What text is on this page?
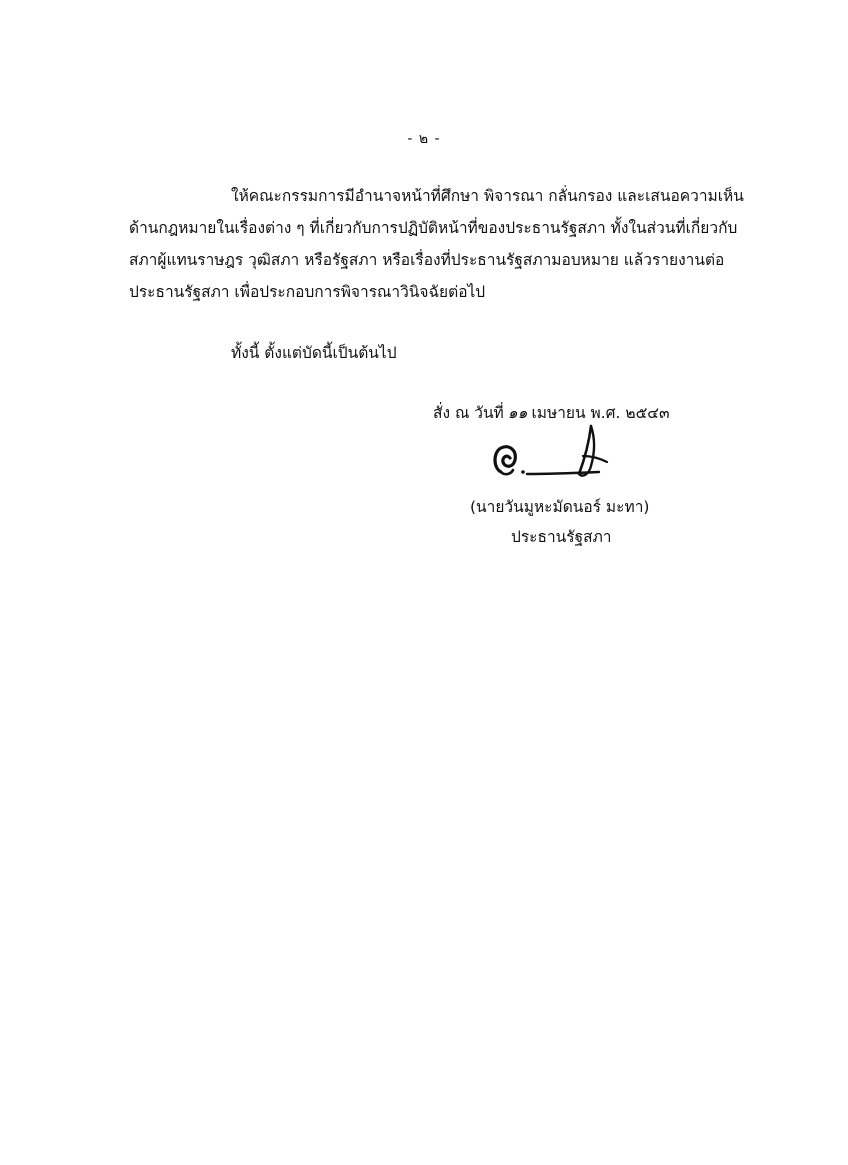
- ๒ -
ให้คณะกรรมการมีอำนาจหน้าที่ศึกษา พิจารณา กลั่นกรอง และเสนอความเห็น
ด้านกฎหมายในเรื่องต่าง ๆ ที่เกี่ยวกับการปฏิบัติหน้าที่ของประธานรัฐสภา ทั้งในส่วนที่เกี่ยวกับ
สภาผู้แทนราษฎร วุฒิสภา หรือรัฐสภา หรือเรื่องที่ประธานรัฐสภามอบหมาย แล้วรายงานต่อ
ประธานรัฐสภา เพื่อประกอบการพิจารณาวินิจฉัยต่อไป
ทั้งนี้ ตั้งแต่บัดนี้เป็นต้นไป
สั่ง ณ วันที่ ๑๑ เมษายน พ.ศ. ๒๕๔๓
(นายวันมูหะมัดนอร์ มะทา)
ประธานรัฐสภา
